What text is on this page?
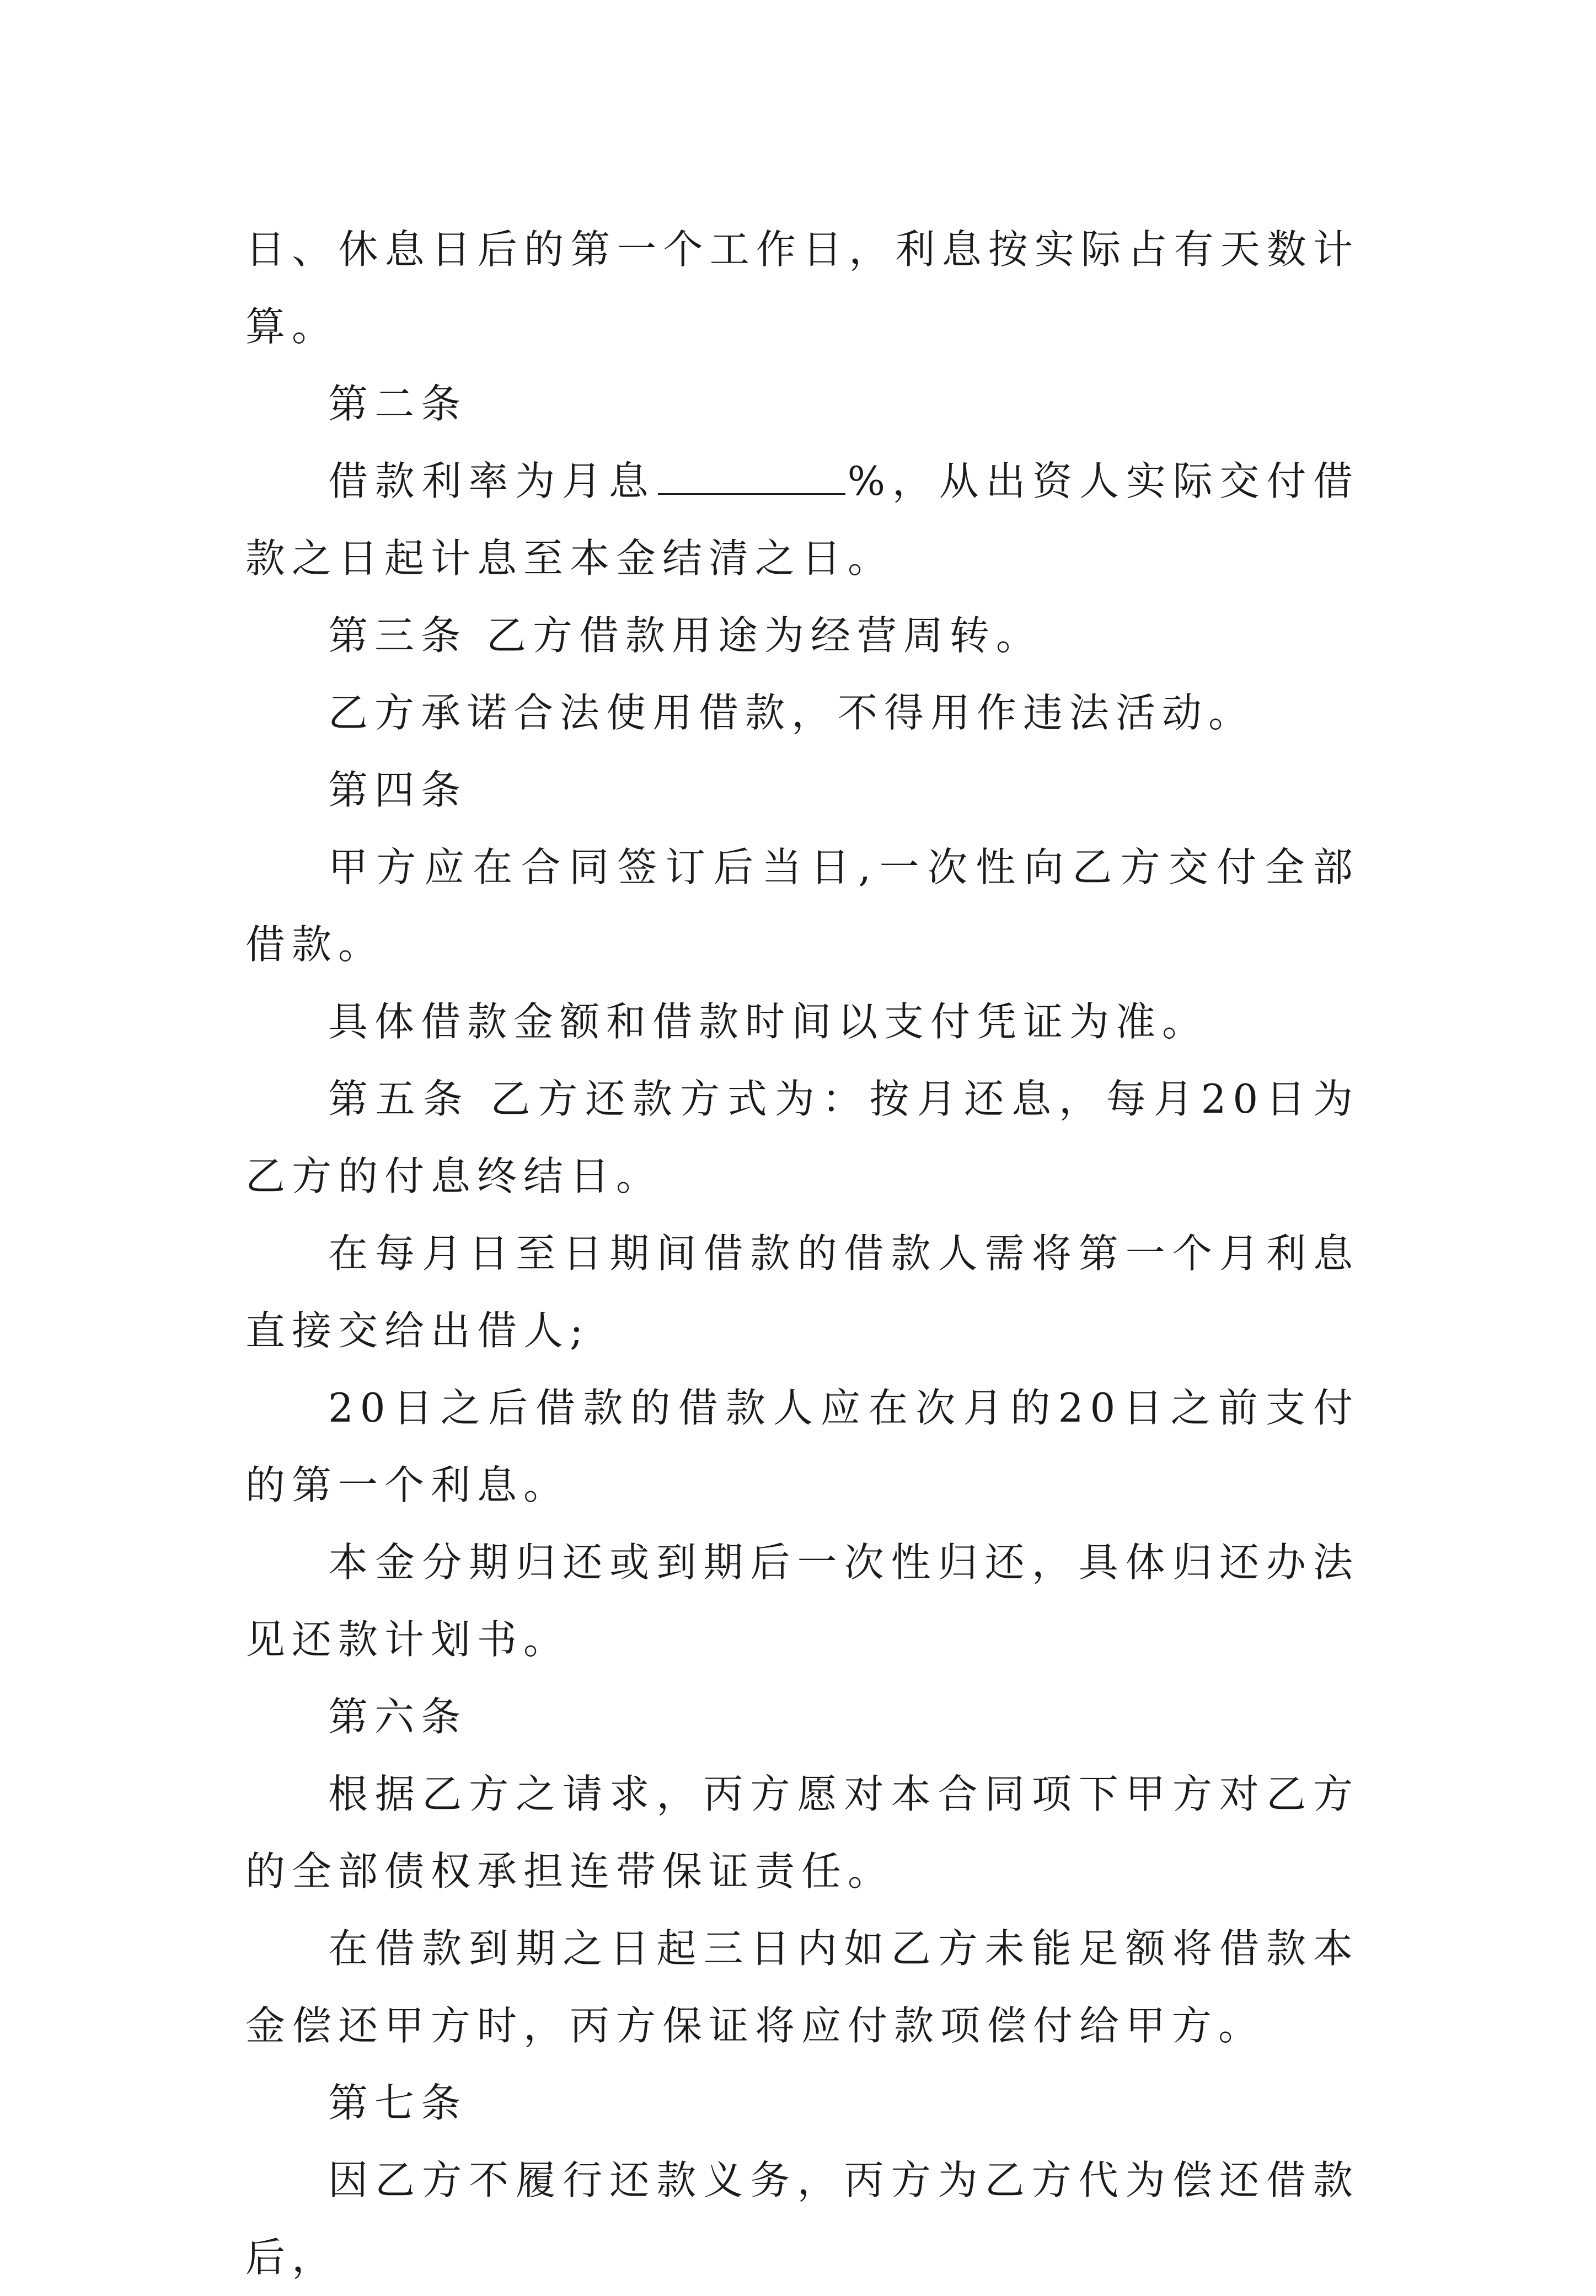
日、休息日后的第一个工作日，利息按实际占有天数计算。

第二条

借款利率为月息	%，从出资人实际交付借款之日起计息至本金结清之日。

第三条 乙方借款用途为经营周转。

乙方承诺合法使用借款，不得用作违法活动。

第四条

甲方应在合同签订后当日,一次性向乙方交付全部借款。

具体借款金额和借款时间以支付凭证为准。

第五条 乙方还款方式为：按月还息，每月20日为乙方的付息终结日。

在每月日至日期间借款的借款人需将第一个月利息直接交给出借人;

20日之后借款的借款人应在次月的20日之前支付的第一个利息。

本金分期归还或到期后一次性归还，具体归还办法见还款计划书。

第六条

根据乙方之请求，丙方愿对本合同项下甲方对乙方的全部债权承担连带保证责任。

在借款到期之日起三日内如乙方未能足额将借款本金偿还甲方时，丙方保证将应付款项偿付给甲方。

第七条

因乙方不履行还款义务，丙方为乙方代为偿还借款后，
